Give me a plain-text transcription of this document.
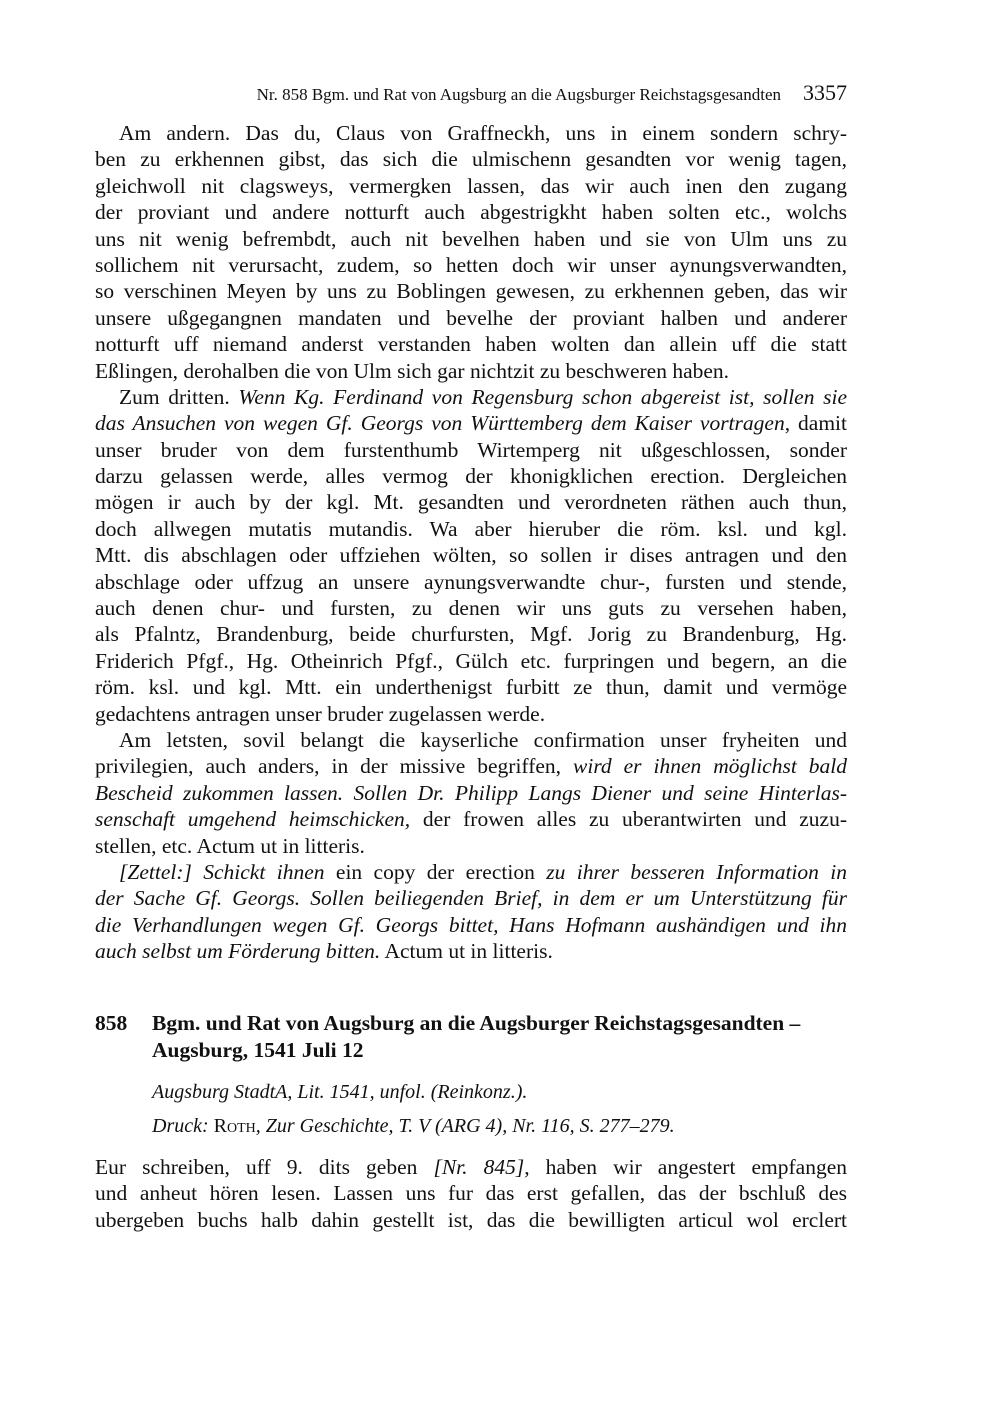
Nr. 858 Bgm. und Rat von Augsburg an die Augsburger Reichstagsgesandten 3357
Am andern. Das du, Claus von Graffneckh, uns in einem sondern schry-
ben zu erkhennen gibst, das sich die ulmischenn gesandten vor wenig tagen,
gleichwoll nit clagsweys, vermergken lassen, das wir auch inen den zugang
der proviant und andere notturft auch abgestrigkht haben solten etc., wolchs
uns nit wenig befrembdt, auch nit bevelhen haben und sie von Ulm uns zu
sollichem nit verursacht, zudem, so hetten doch wir unser aynungsverwandten,
so verschinen Meyen by uns zu Boblingen gewesen, zu erkhennen geben, das wir
unsere ußgegangnen mandaten und bevelhe der proviant halben und anderer
notturft uff niemand anderst verstanden haben wolten dan allein uff die statt
Eßlingen, derohalben die von Ulm sich gar nichtzit zu beschweren haben.
Zum dritten. Wenn Kg. Ferdinand von Regensburg schon abgereist ist, sollen sie
das Ansuchen von wegen Gf. Georgs von Württemberg dem Kaiser vortragen, damit
unser bruder von dem furstenthumb Wirtemperg nit ußgeschlossen, sonder
darzu gelassen werde, alles vermog der khonigklichen erection. Dergleichen
mögen ir auch by der kgl. Mt. gesandten und verordneten räthen auch thun,
doch allwegen mutatis mutandis. Wa aber hieruber die röm. ksl. und kgl.
Mtt. dis abschlagen oder uffziehen wölten, so sollen ir dises antragen und den
abschlage oder uffzug an unsere aynungsverwandte chur-, fursten und stende,
auch denen chur- und fursten, zu denen wir uns guts zu versehen haben,
als Pfalntz, Brandenburg, beide churfursten, Mgf. Jorig zu Brandenburg, Hg.
Friderich Pfgf., Hg. Otheinrich Pfgf., Gülch etc. furpringen und begern, an die
röm. ksl. und kgl. Mtt. ein underthenigst furbitt ze thun, damit und vermöge
gedachtens antragen unser bruder zugelassen werde.
Am letsten, sovil belangt die kayserliche confirmation unser fryheiten und
privilegien, auch anders, in der missive begriffen, wird er ihnen möglichst bald
Bescheid zukommen lassen. Sollen Dr. Philipp Langs Diener und seine Hinterlas-
senschaft umgehend heimschicken, der frowen alles zu uberantwirten und zuzu-
stellen, etc. Actum ut in litteris.
[Zettel:] Schickt ihnen ein copy der erection zu ihrer besseren Information in
der Sache Gf. Georgs. Sollen beiliegenden Brief, in dem er um Unterstützung für
die Verhandlungen wegen Gf. Georgs bittet, Hans Hofmann aushändigen und ihn
auch selbst um Förderung bitten. Actum ut in litteris.
858 Bgm. und Rat von Augsburg an die Augsburger Reichstagsgesandten –
Augsburg, 1541 Juli 12
Augsburg StadtA, Lit. 1541, unfol. (Reinkonz.).
Druck: Roth, Zur Geschichte, T. V (ARG 4), Nr. 116, S. 277–279.
Eur schreiben, uff 9. dits geben [Nr. 845], haben wir angestert empfangen
und anheut hören lesen. Lassen uns fur das erst gefallen, das der bschluß des
ubergeben buchs halb dahin gestellt ist, das die bewilligten articul wol erclert
